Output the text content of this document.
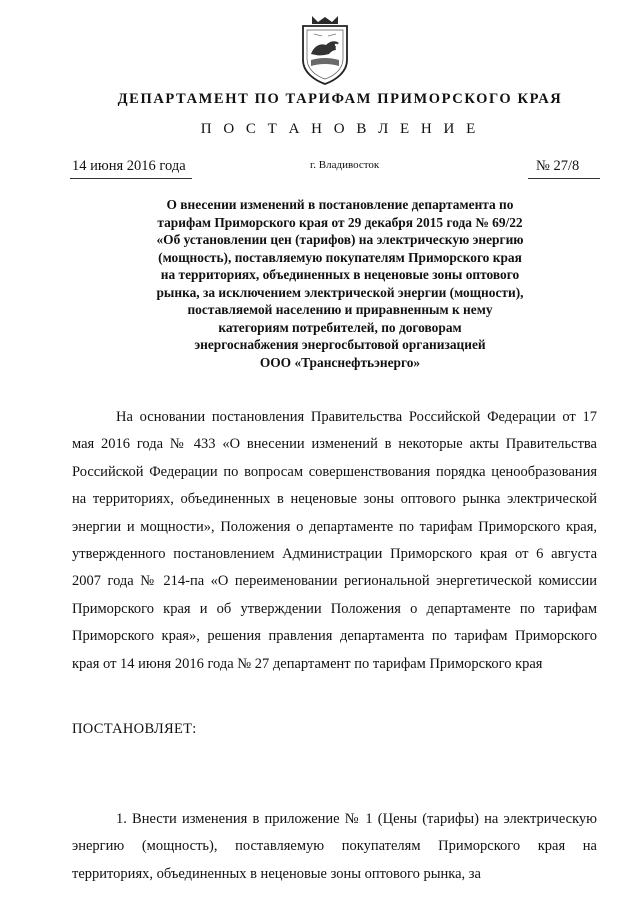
ДЕПАРТАМЕНТ ПО ТАРИФАМ ПРИМОРСКОГО КРАЯ
П О С Т А Н О В Л Е Н И Е
14 июня 2016 года	г. Владивосток	№ 27/8
О внесении изменений в постановление департамента по
тарифам Приморского края от 29 декабря 2015 года № 69/22
«Об установлении цен (тарифов) на электрическую энергию
(мощность), поставляемую покупателям Приморского края
на территориях, объединенных в неценовые зоны оптового
рынка, за исключением электрической энергии (мощности),
поставляемой населению и приравненным к нему
категориям потребителей, по договорам
энергоснабжения энергосбытовой организацией
ООО «Транснефтьэнерго»
На основании постановления Правительства Российской Федерации от 17 мая 2016 года № 433 «О внесении изменений в некоторые акты Правительства Российской Федерации по вопросам совершенствования порядка ценообразования на территориях, объединенных в неценовые зоны оптового рынка электрической энергии и мощности», Положения о департаменте по тарифам Приморского края, утвержденного постановлением Администрации Приморского края от 6 августа 2007 года № 214-па «О переименовании региональной энергетической комиссии Приморского края и об утверждении Положения о департаменте по тарифам Приморского края», решения правления департамента по тарифам Приморского края от 14 июня 2016 года № 27 департамент по тарифам Приморского края
ПОСТАНОВЛЯЕТ:
1. Внести изменения в приложение № 1 (Цены (тарифы) на электрическую энергию (мощность), поставляемую покупателям Приморского края на территориях, объединенных в неценовые зоны оптового рынка, за
